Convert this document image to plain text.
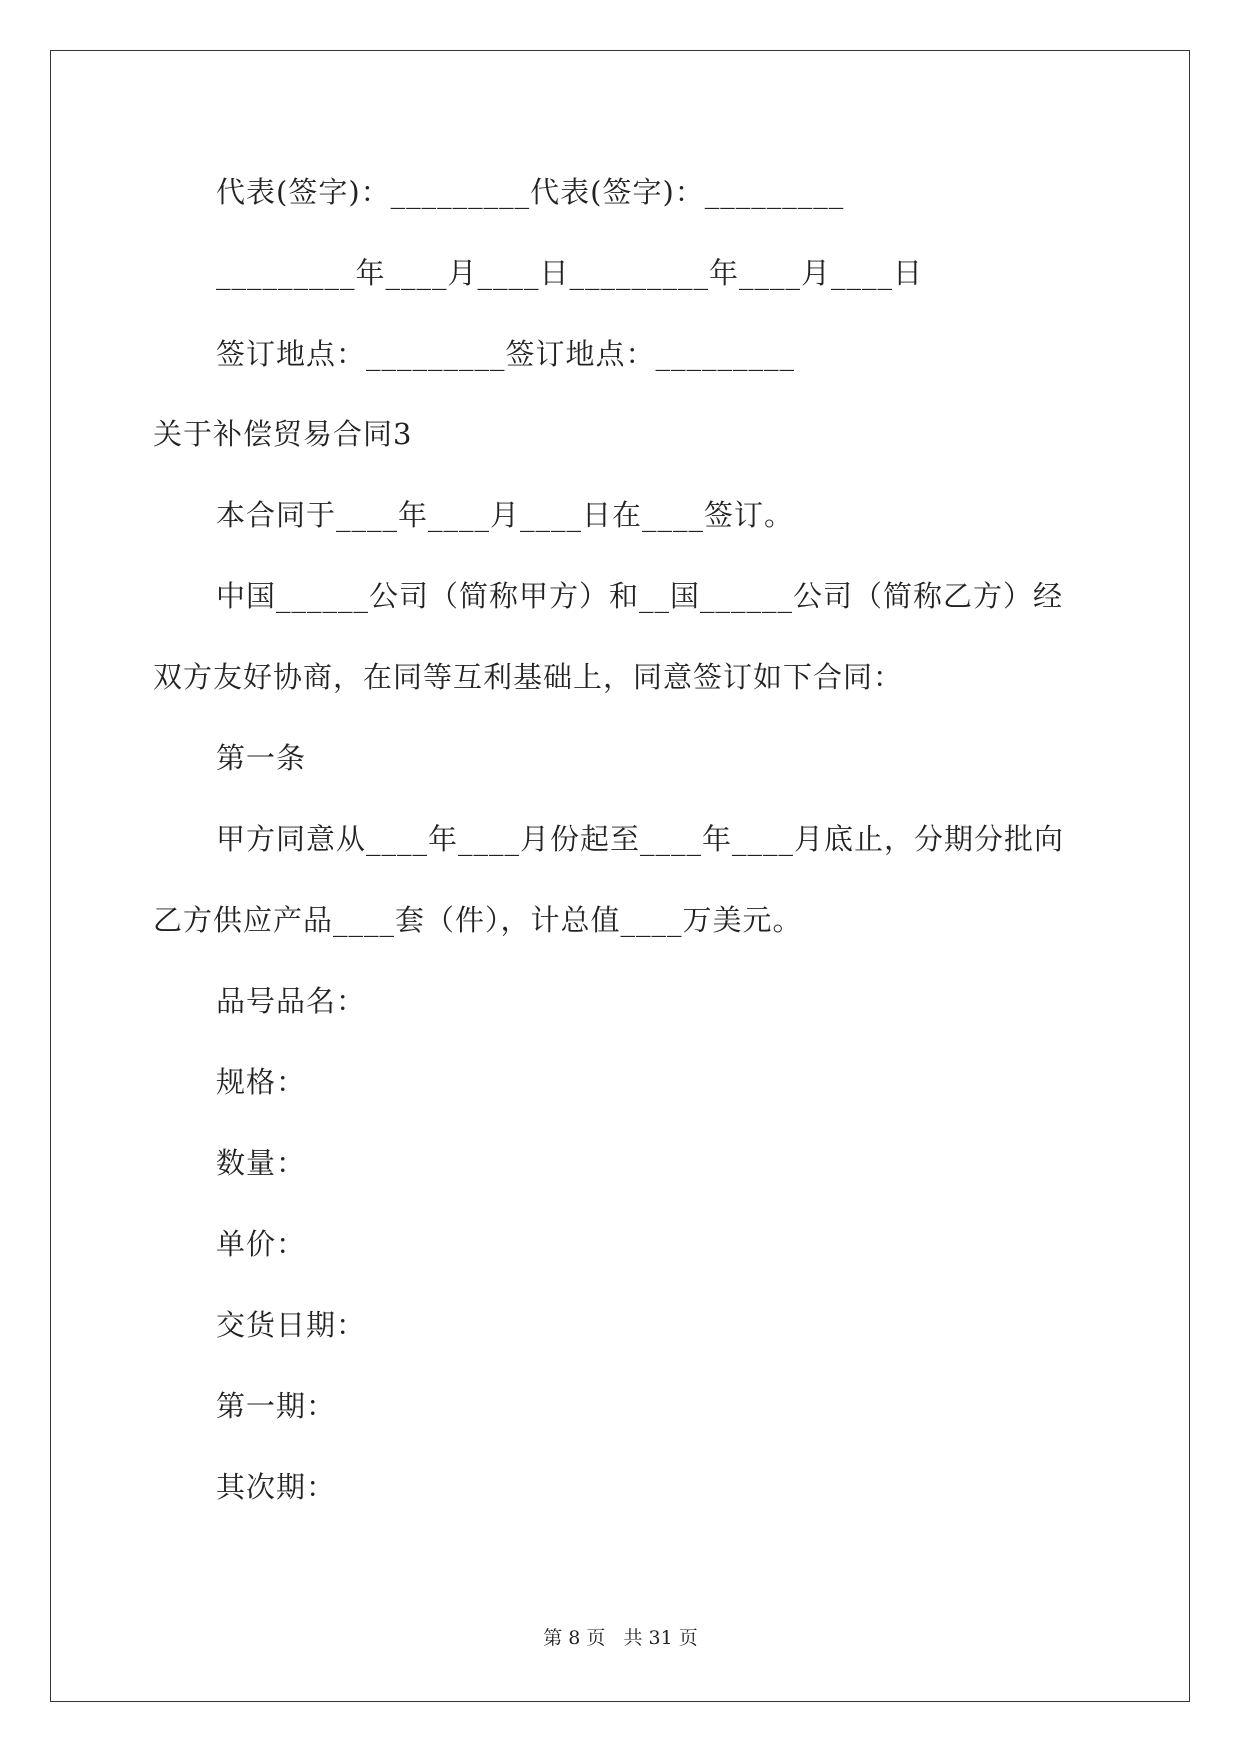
代表(签字)：_________代表(签字)：_________
_________年____月____日_________年____月____日
签订地点：_________签订地点：_________
关于补偿贸易合同3
本合同于____年____月____日在____签订。
中国______公司（简称甲方）和__国______公司（简称乙方）经
双方友好协商，在同等互利基础上，同意签订如下合同：
第一条
甲方同意从____年____月份起至____年____月底止，分期分批向
乙方供应产品____套（件），计总值____万美元。
品号品名：
规格：
数量：
单价：
交货日期：
第一期：
其次期：
第 8 页   共 31 页
